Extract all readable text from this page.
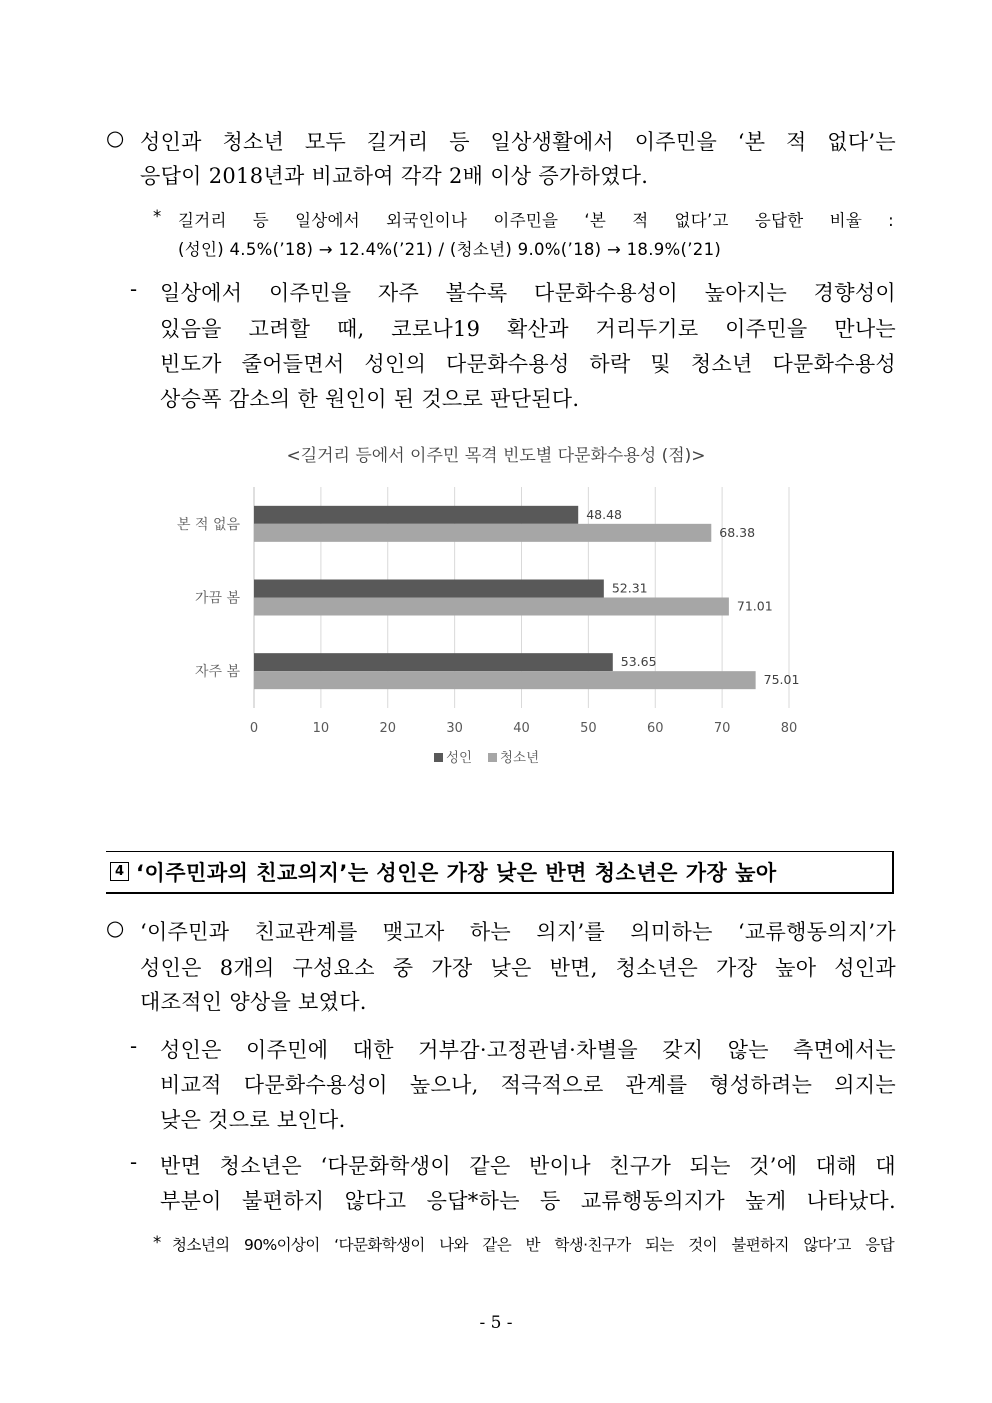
○ 성인과 청소년 모두 길거리 등 일상생활에서 이주민을 ‘본 적 없다’는
응답이 2018년과 비교하여 각각 2배 이상 증가하였다.
* 길거리 등 일상에서 외국인이나 이주민을 ‘본 적 없다’고 응답한 비율 :
(성인) 4.5%(’18) → 12.4%(’21) / (청소년) 9.0%(’18) → 18.9%(’21)
- 일상에서 이주민을 자주 볼수록 다문화수용성이 높아지는 경향성이
있음을 고려할 때, 코로나19 확산과 거리두기로 이주민을 만나는
빈도가 줄어들면서 성인의 다문화수용성 하락 및 청소년 다문화수용성
상승폭 감소의 한 원인이 된 것으로 판단된다.
<길거리 등에서 이주민 목격 빈도별 다문화수용성 (점)>
0	10	20	30	40	50	60	70	80
본 적 없음
48.48
68.38
가끔 봄
52.31
71.01
자주 봄
53.65
75.01
성인 청소년
4 ‘이주민과의 친교의지’는 성인은 가장 낮은 반면 청소년은 가장 높아
○ ‘이주민과 친교관계를 맺고자 하는 의지’를 의미하는 ‘교류행동의지’가
성인은 8개의 구성요소 중 가장 낮은 반면, 청소년은 가장 높아 성인과
대조적인 양상을 보였다.
- 성인은 이주민에 대한 거부감·고정관념·차별을 갖지 않는 측면에서는
비교적 다문화수용성이 높으나, 적극적으로 관계를 형성하려는 의지는
낮은 것으로 보인다.
- 반면 청소년은 ‘다문화학생이 같은 반이나 친구가 되는 것’에 대해 대
부분이 불편하지 않다고 응답*하는 등 교류행동의지가 높게 나타났다.
* 청소년의 90%이상이 ‘다문화학생이 나와 같은 반 학생·친구가 되는 것이 불편하지 않다’고 응답
- 5 -
